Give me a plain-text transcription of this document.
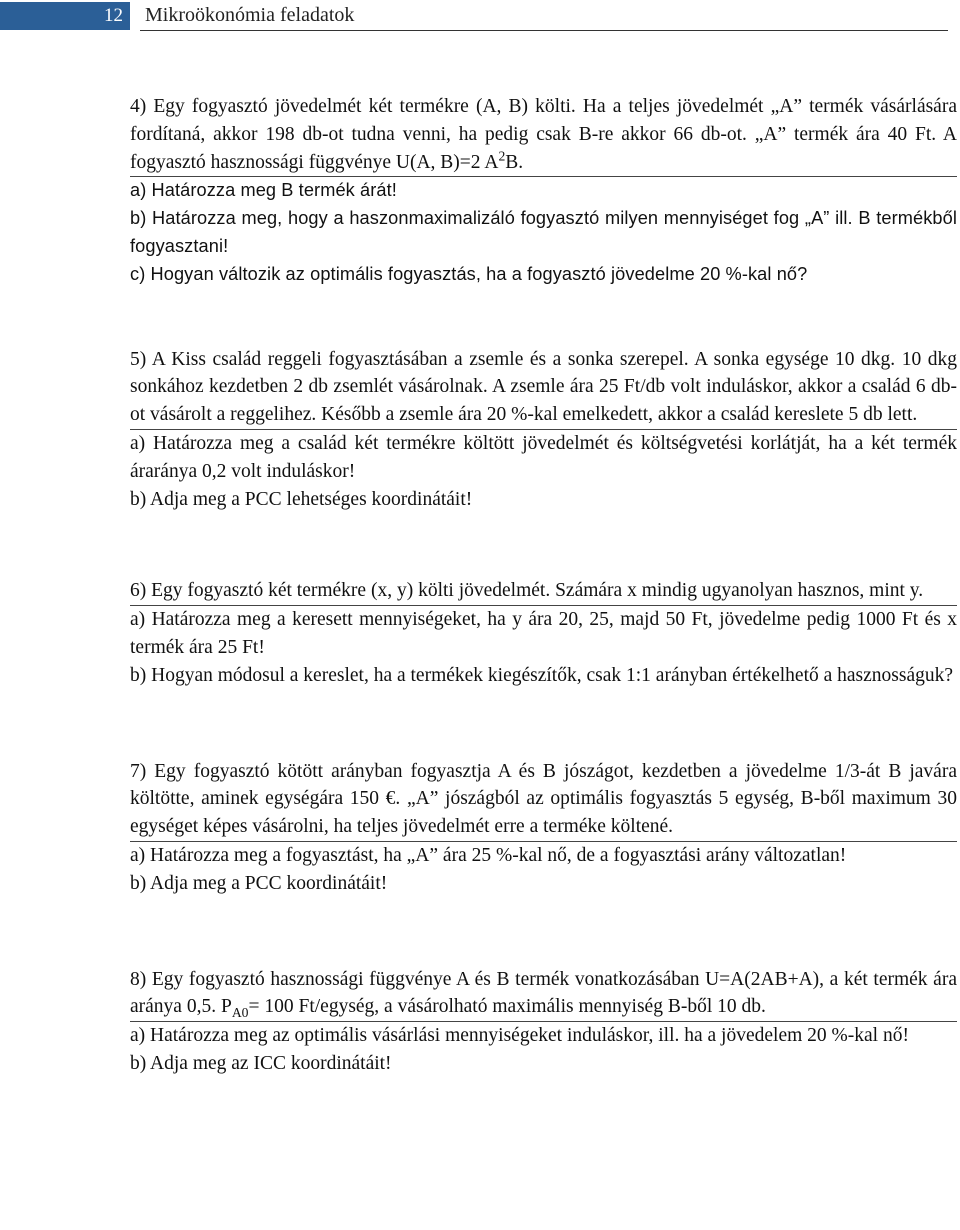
12	Mikroökonómia feladatok

4) Egy fogyasztó jövedelmét két termékre (A, B) költi. Ha a teljes jövedelmét „A” termék vásárlására fordítaná, akkor 198 db-ot tudna venni, ha pedig csak B-re akkor 66 db-ot. „A” termék ára 40 Ft. A fogyasztó hasznossági függvénye U(A, B)=2 $A^2B$.

a) Határozza meg B termék árát!

b) Határozza meg, hogy a haszonmaximalizáló fogyasztó milyen mennyiséget fog „A” ill. B termékből fogyasztani!

c) Hogyan változik az optimális fogyasztás, ha a fogyasztó jövedelme 20 %-kal nő?

5) A Kiss család reggeli fogyasztásában a zsemle és a sonka szerepel. A sonka egysége 10 dkg. 10 dkg sonkához kezdetben 2 db zsemlét vásárolnak. A zsemle ára 25 Ft/db volt induláskor, akkor a család 6 db-ot vásárolt a reggelihez. Később a zsemle ára 20 %-kal emelkedett, akkor a család kereslete 5 db lett.

a) Határozza meg a család két termékre költött jövedelmét és költségvetési korlátját, ha a két termék áraránya 0,2 volt induláskor!

b) Adja meg a PCC lehetséges koordinátáit!

6) Egy fogyasztó két termékre (x, y) költi jövedelmét. Számára x mindig ugyanolyan hasznos, mint y.

a) Határozza meg a keresett mennyiségeket, ha y ára 20, 25, majd 50 Ft, jövedelme pedig 1000 Ft és x termék ára 25 Ft!

b) Hogyan módosul a kereslet, ha a termékek kiegészítők, csak 1:1 arányban értékelhető a hasznosságuk?

7) Egy fogyasztó kötött arányban fogyasztja A és B jószágot, kezdetben a jövedelme 1/3-át B javára költötte, aminek egységára 150 €. „A” jószágból az optimális fogyasztás 5 egység, B-ből maximum 30 egységet képes vásárolni, ha teljes jövedelmét erre a terméke költené.

a) Határozza meg a fogyasztást, ha „A” ára 25 %-kal nő, de a fogyasztási arány változatlan!

b) Adja meg a PCC koordinátáit!

8) Egy fogyasztó hasznossági függvénye A és B termék vonatkozásában U=A(2AB+A), a két termék ára aránya 0,5. $P_{A0}= 100$ Ft/egység, a vásárolható maximális mennyiség B-ből 10 db.

a) Határozza meg az optimális vásárlási mennyiségeket induláskor, ill. ha a jövedelem 20 %-kal nő!

b) Adja meg az ICC koordinátáit!
